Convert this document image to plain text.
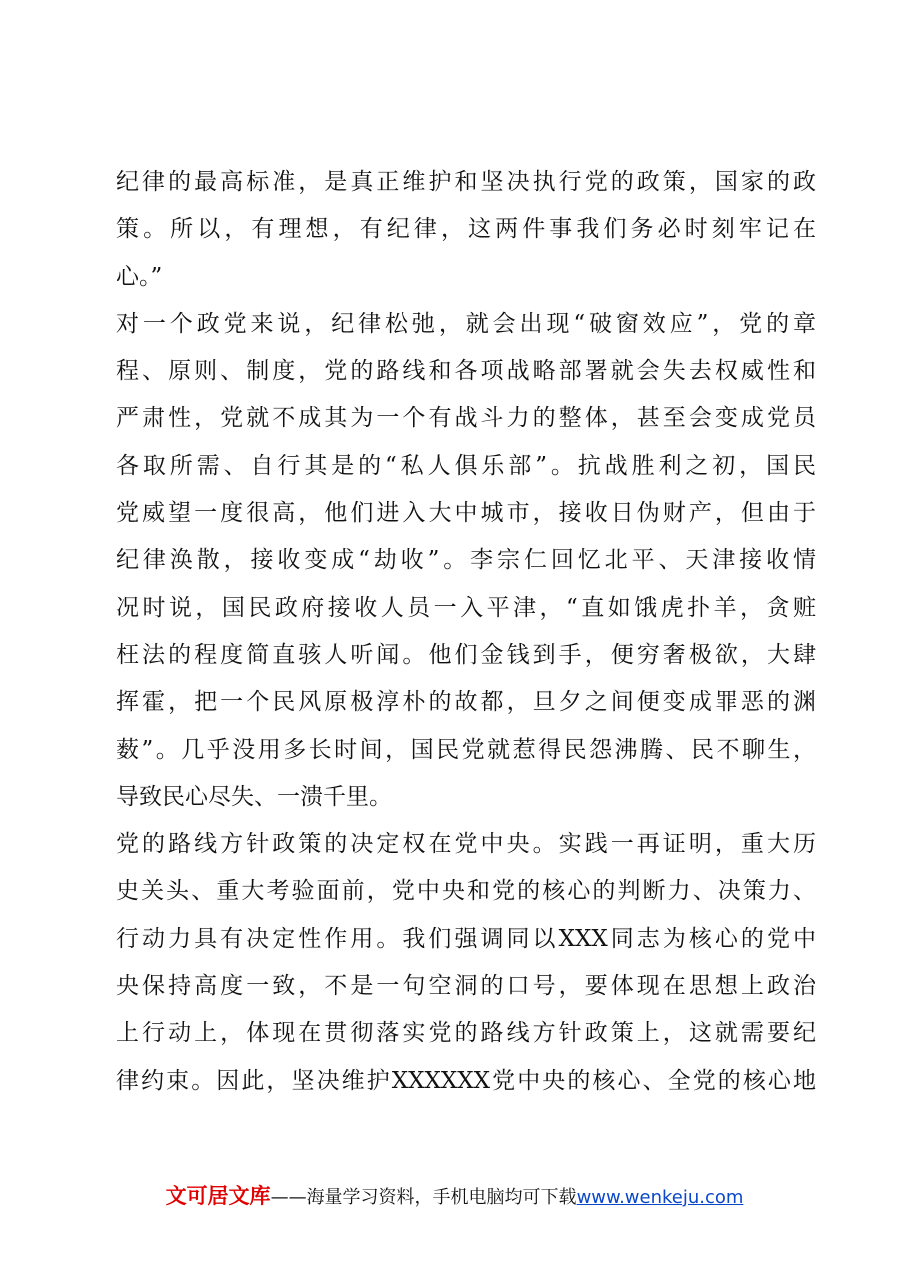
纪律的最高标准，是真正维护和坚决执行党的政策，国家的政
策。所以，有理想，有纪律，这两件事我们务必时刻牢记在
心。”
对一个政党来说，纪律松弛，就会出现“破窗效应”，党的章
程、原则、制度，党的路线和各项战略部署就会失去权威性和
严肃性，党就不成其为一个有战斗力的整体，甚至会变成党员
各取所需、自行其是的“私人俱乐部”。抗战胜利之初，国民
党威望一度很高，他们进入大中城市，接收日伪财产，但由于
纪律涣散，接收变成“劫收”。李宗仁回忆北平、天津接收情
况时说，国民政府接收人员一入平津，“直如饿虎扑羊，贪赃
枉法的程度简直骇人听闻。他们金钱到手，便穷奢极欲，大肆
挥霍，把一个民风原极淳朴的故都，旦夕之间便变成罪恶的渊
薮”。几乎没用多长时间，国民党就惹得民怨沸腾、民不聊生，
导致民心尽失、一溃千里。
党的路线方针政策的决定权在党中央。实践一再证明，重大历
史关头、重大考验面前，党中央和党的核心的判断力、决策力、
行动力具有决定性作用。我们强调同以XXX同志为核心的党中
央保持高度一致，不是一句空洞的口号，要体现在思想上政治
上行动上，体现在贯彻落实党的路线方针政策上，这就需要纪
律约束。因此，坚决维护XXXXXX党中央的核心、全党的核心地
文可居文库——海量学习资料，手机电脑均可下载www.wenkeju.com
